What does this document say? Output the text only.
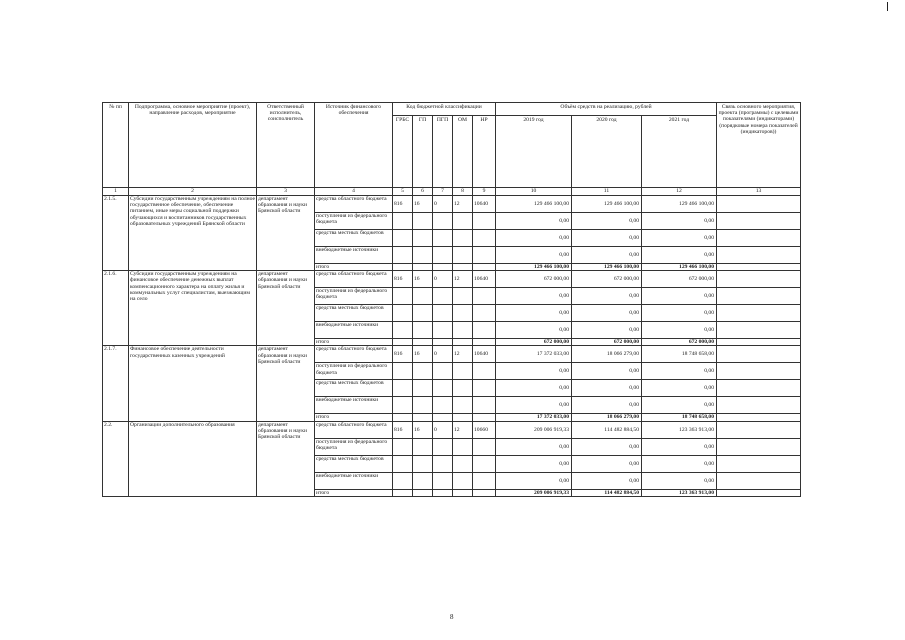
№ пп	Подпрограмма, основное мероприятие (проект), направление расходов, мероприятие	Ответственный исполнитель, соисполнитель	Источник финансового обеспечения	Код бюджетной классификации					Объём средств на реализацию, рублей			Связь основного мероприятия, проекта (программы) с целевыми показателями (индикаторами) (порядковые номера показателей (индикаторов))
				ГРБС	ГП	ПГП	ОМ	НР	2019 год	2020 год	2021 год	
1	2	3	4	5	6	7	8	9	10	11	12	13
2.1.5.	Субсидии государственным учреждениям на полное государственное обеспечение, обеспечение питанием, иные меры социальной поддержки обучающихся и воспитанников государственных образовательных учреждений Брянской области	департамент образования и науки Брянской области	средства областного бюджета	816	16	0	12	10640	129 466 100,00	129 466 100,00	129 466 100,00	
			поступления из федерального бюджета						0,00	0,00	0,00	
			средства местных бюджетов						0,00	0,00	0,00	
			внебюджетные источники						0,00	0,00	0,00	
			итого						129 466 100,00	129 466 100,00	129 466 100,00	
2.1.6.	Субсидии государственным учреждениям на финансовое обеспечение денежных выплат компенсационного характера на оплату жилья и коммунальных услуг специалистам, выезжающим на село	департамент образования и науки Брянской области	средства областного бюджета	816	16	0	12	10640	672 000,00	672 000,00	672 000,00	
			поступления из федерального бюджета						0,00	0,00	0,00	
			средства местных бюджетов						0,00	0,00	0,00	
			внебюджетные источники						0,00	0,00	0,00	
			итого						672 000,00	672 000,00	672 000,00	
2.1.7.	Финансовое обеспечение деятельности государственных казенных учреждений	департамент образования и науки Брянской области	средства областного бюджета	816	16	0	12	10640	17 372 033,00	18 066 279,00	18 748 658,00	
			поступления из федерального бюджета						0,00	0,00	0,00	
			средства местных бюджетов						0,00	0,00	0,00	
			внебюджетные источники						0,00	0,00	0,00	
			итого						17 372 033,00	18 066 279,00	18 748 658,00	
2.2.	Организации дополнительного образования	департамент образования и науки Брянской области	средства областного бюджета	816	16	0	12	10660	209 006 919,33	114 482 884,50	123 363 913,00	
			поступления из федерального бюджета						0,00	0,00	0,00	
			средства местных бюджетов						0,00	0,00	0,00	
			внебюджетные источники						0,00	0,00	0,00	
			итого						209 006 919,33	114 482 884,50	123 363 913,00	
8
